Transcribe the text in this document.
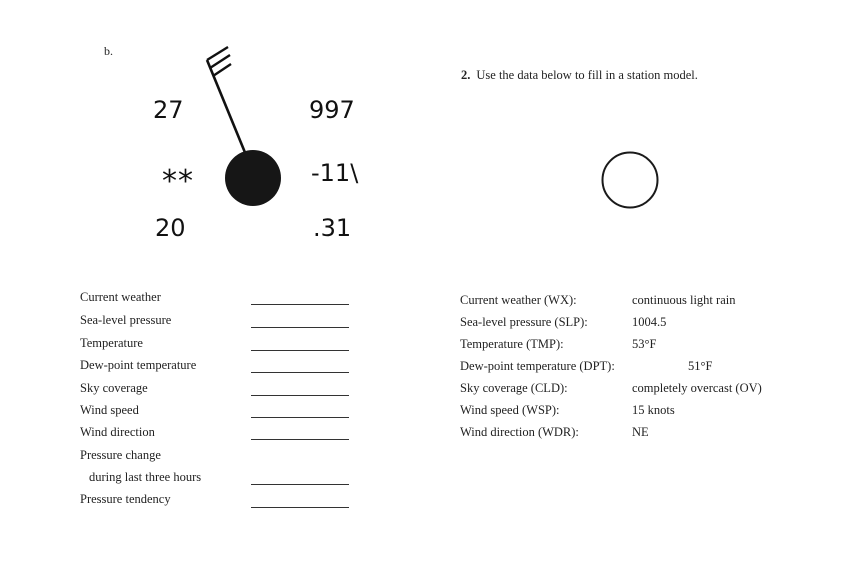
b.
27	997
**	-11\
20	.31
Current weather
Sea-level pressure
Temperature
Dew-point temperature
Sky coverage
Wind speed
Wind direction
Pressure change
during last three hours
Pressure tendency
2. Use the data below to fill in a station model.
Current weather (WX):	continuous light rain
Sea-level pressure (SLP):	1004.5
Temperature (TMP):	53°F
Dew-point temperature (DPT):	51°F
Sky coverage (CLD):	completely overcast (OV)
Wind speed (WSP):	15 knots
Wind direction (WDR):	NE
